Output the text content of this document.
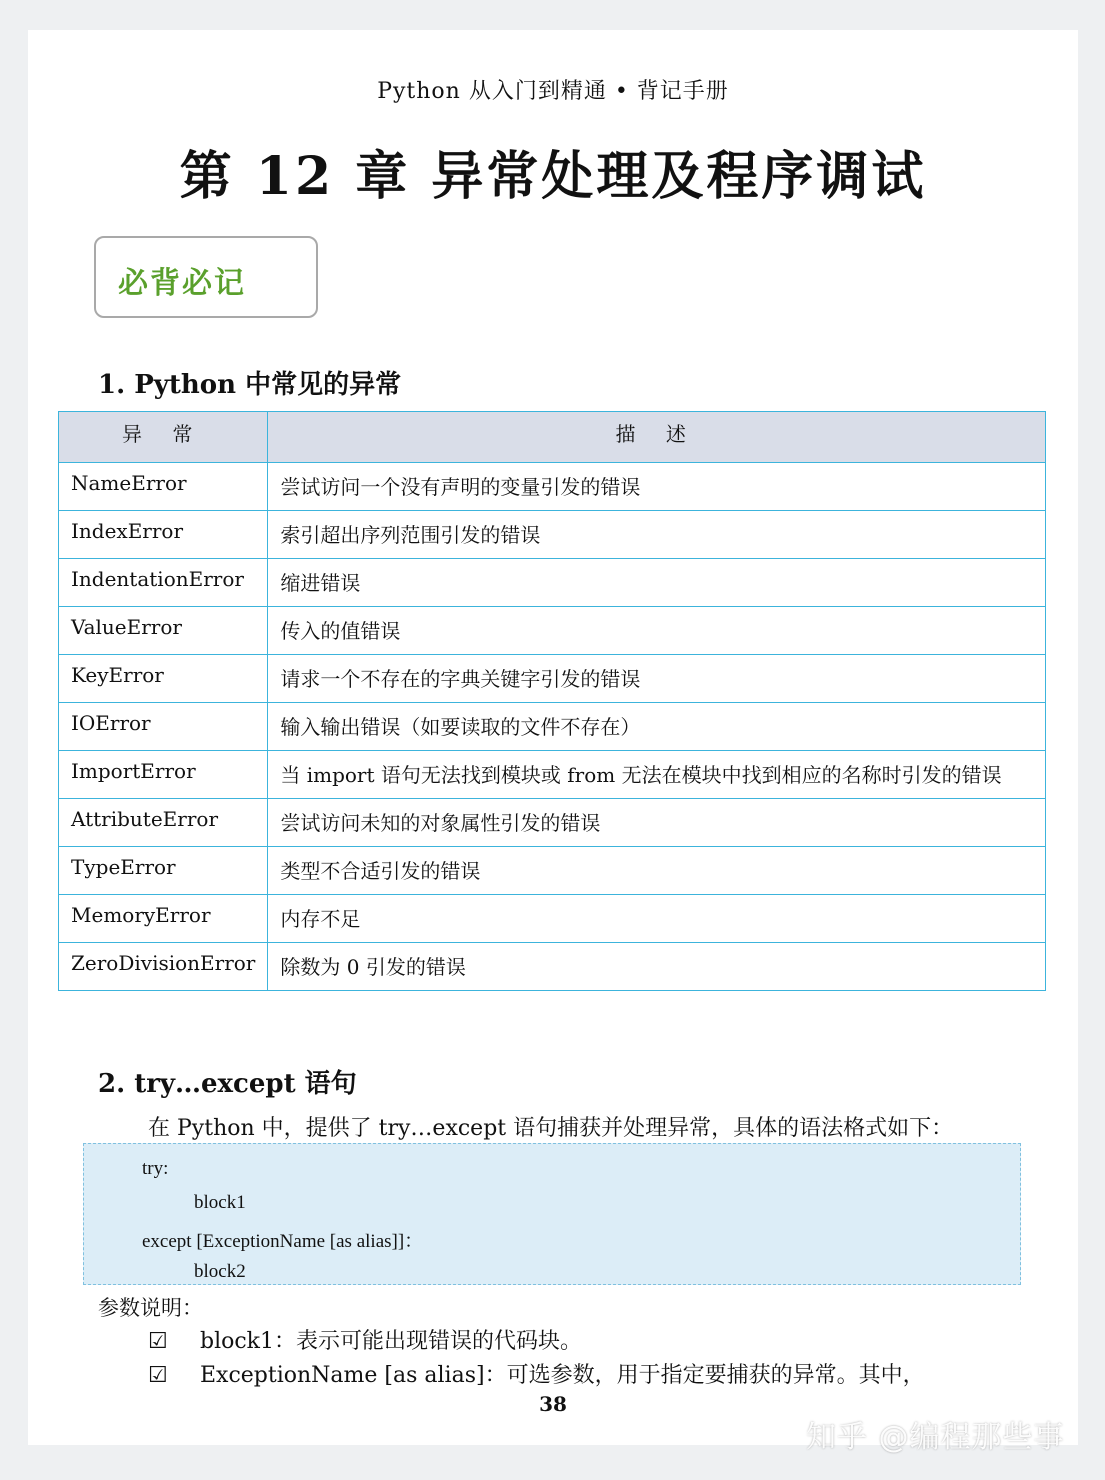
Python 从入门到精通 • 背记手册
第 12 章 异常处理及程序调试
必背必记
1. Python 中常见的异常
异 常	描 述
NameError	尝试访问一个没有声明的变量引发的错误
IndexError	索引超出序列范围引发的错误
IndentationError	缩进错误
ValueError	传入的值错误
KeyError	请求一个不存在的字典关键字引发的错误
IOError	输入输出错误（如要读取的文件不存在）
ImportError	当 import 语句无法找到模块或 from 无法在模块中找到相应的名称时引发的错误
AttributeError	尝试访问未知的对象属性引发的错误
TypeError	类型不合适引发的错误
MemoryError	内存不足
ZeroDivisionError	除数为 0 引发的错误
2. try…except 语句
在 Python 中，提供了 try…except 语句捕获并处理异常，具体的语法格式如下：
try:
block1
except [ExceptionName [as alias]]：
block2
参数说明：
☑ block1：表示可能出现错误的代码块。
☑ ExceptionName [as alias]：可选参数，用于指定要捕获的异常。其中，
38
知乎 @编程那些事
